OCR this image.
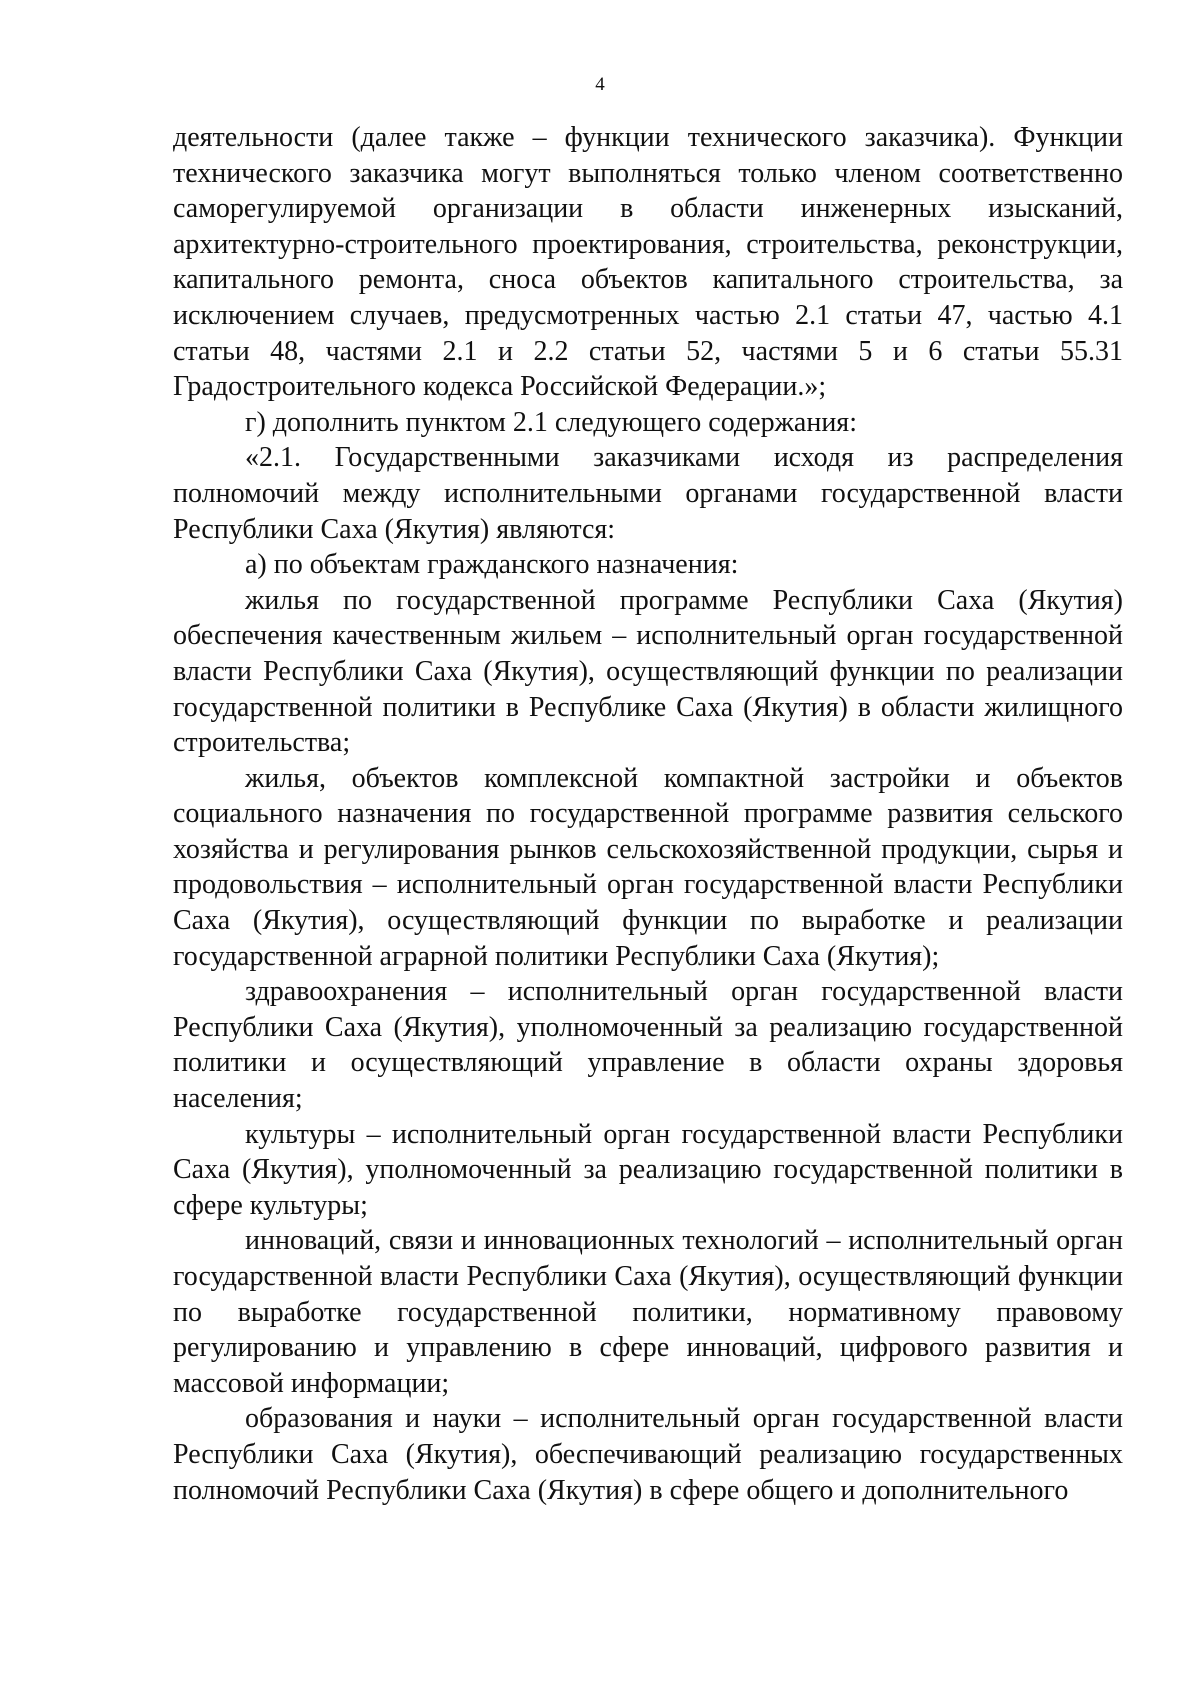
4

деятельности (далее также – функции технического заказчика). Функции технического заказчика могут выполняться только членом соответственно саморегулируемой организации в области инженерных изысканий, архитектурно-строительного проектирования, строительства, реконструкции, капитального ремонта, сноса объектов капитального строительства, за исключением случаев, предусмотренных частью 2.1 статьи 47, частью 4.1 статьи 48, частями 2.1 и 2.2 статьи 52, частями 5 и 6 статьи 55.31 Градостроительного кодекса Российской Федерации.»;

г) дополнить пунктом 2.1 следующего содержания:

«2.1. Государственными заказчиками исходя из распределения полномочий между исполнительными органами государственной власти Республики Саха (Якутия) являются:

а) по объектам гражданского назначения:

жилья по государственной программе Республики Саха (Якутия) обеспечения качественным жильем – исполнительный орган государственной власти Республики Саха (Якутия), осуществляющий функции по реализации государственной политики в Республике Саха (Якутия) в области жилищного строительства;

жилья, объектов комплексной компактной застройки и объектов социального назначения по государственной программе развития сельского хозяйства и регулирования рынков сельскохозяйственной продукции, сырья и продовольствия – исполнительный орган государственной власти Республики Саха (Якутия), осуществляющий функции по выработке и реализации государственной аграрной политики Республики Саха (Якутия);

здравоохранения – исполнительный орган государственной власти Республики Саха (Якутия), уполномоченный за реализацию государственной политики и осуществляющий управление в области охраны здоровья населения;

культуры – исполнительный орган государственной власти Республики Саха (Якутия), уполномоченный за реализацию государственной политики в сфере культуры;

инноваций, связи и инновационных технологий – исполнительный орган государственной власти Республики Саха (Якутия), осуществляющий функции по выработке государственной политики, нормативному правовому регулированию и управлению в сфере инноваций, цифрового развития и массовой информации;

образования и науки – исполнительный орган государственной власти Республики Саха (Якутия), обеспечивающий реализацию государственных полномочий Республики Саха (Якутия) в сфере общего и дополнительного
